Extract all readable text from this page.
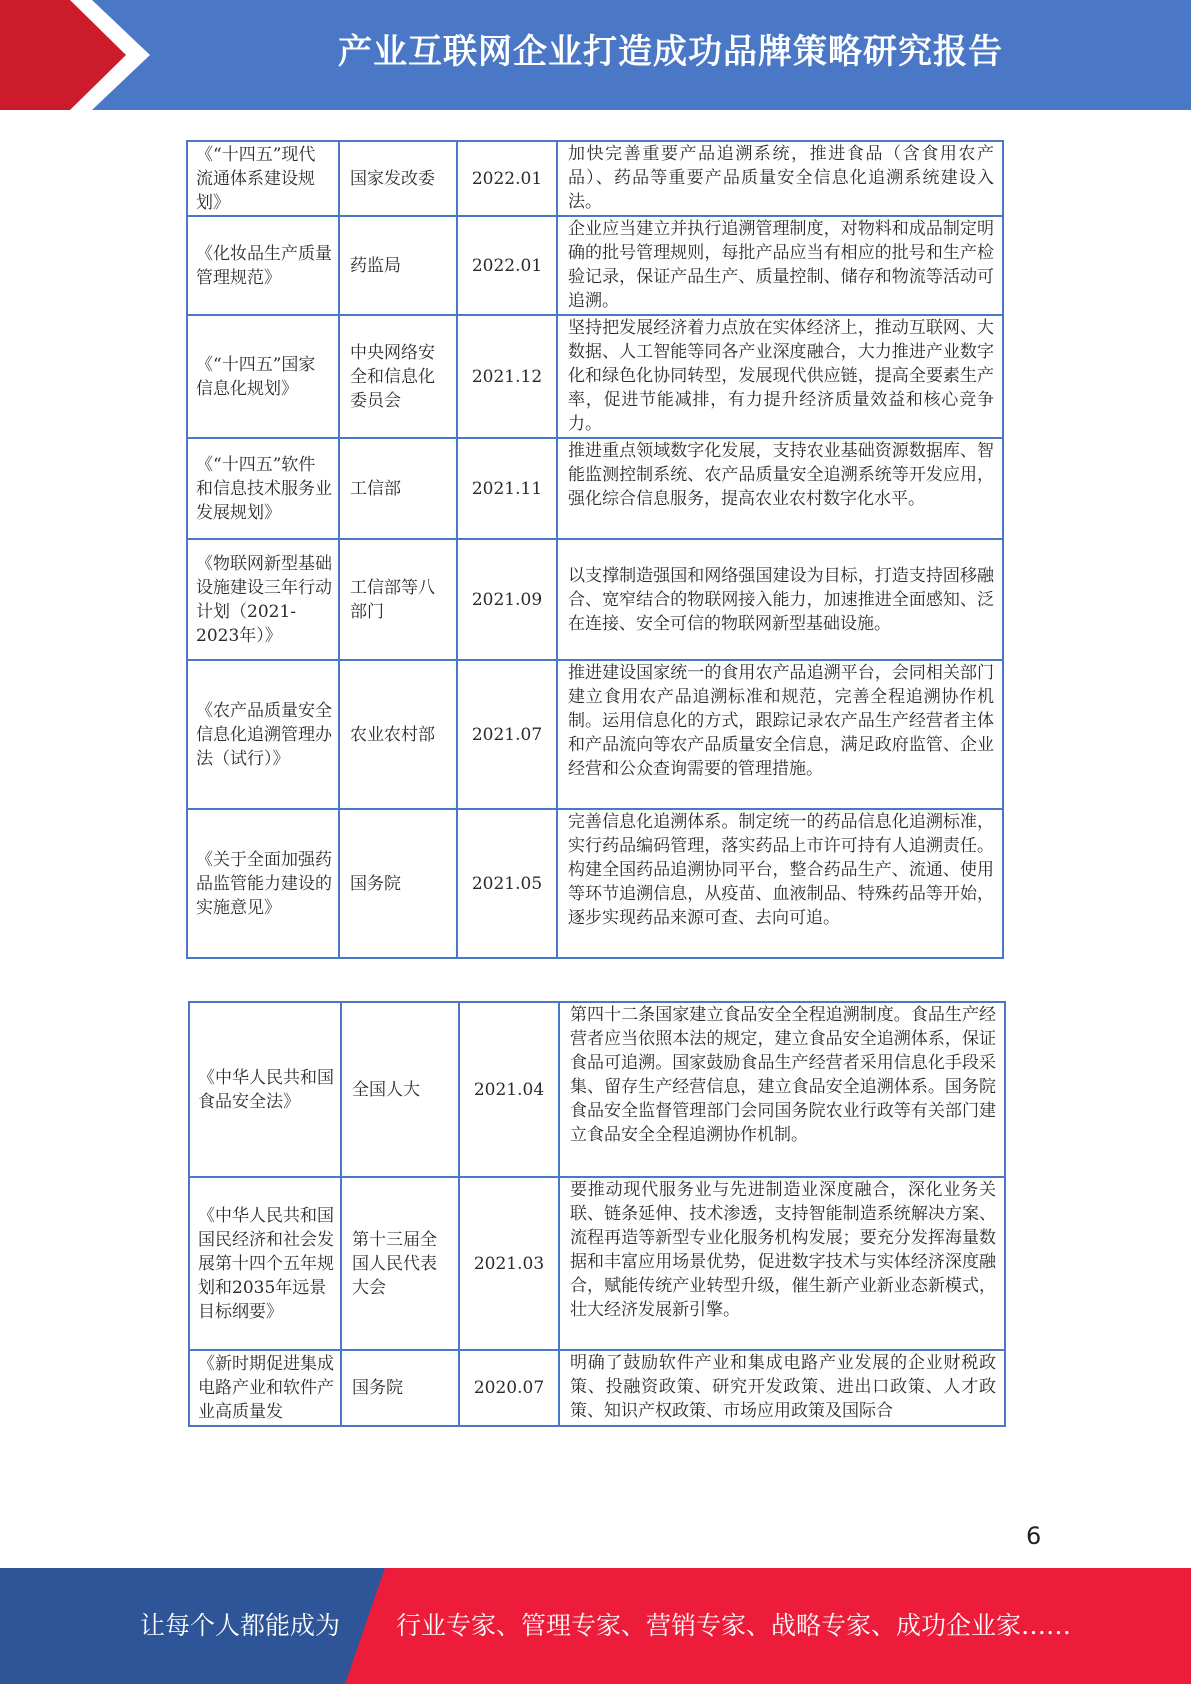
产业互联网企业打造成功品牌策略研究报告
《“十四五”现代流通体系建设规划》	国家发改委	2022.01	加快完善重要产品追溯系统，推进食品（含食用农产品）、药品等重要产品质量安全信息化追溯系统建设入法。
《化妆品生产质量管理规范》	药监局	2022.01	企业应当建立并执行追溯管理制度，对物料和成品制定明确的批号管理规则，每批产品应当有相应的批号和生产检验记录，保证产品生产、质量控制、储存和物流等活动可追溯。
《“十四五”国家信息化规划》	中央网络安全和信息化委员会	2021.12	坚持把发展经济着力点放在实体经济上，推动互联网、大数据、人工智能等同各产业深度融合，大力推进产业数字化和绿色化协同转型，发展现代供应链，提高全要素生产率，促进节能减排，有力提升经济质量效益和核心竞争力。
《“十四五”软件和信息技术服务业发展规划》	工信部	2021.11	推进重点领域数字化发展，支持农业基础资源数据库、智能监测控制系统、农产品质量安全追溯系统等开发应用，强化综合信息服务，提高农业农村数字化水平。
《物联网新型基础设施建设三年行动计划（2021-2023年）》	工信部等八部门	2021.09	以支撑制造强国和网络强国建设为目标，打造支持固移融合、宽窄结合的物联网接入能力，加速推进全面感知、泛在连接、安全可信的物联网新型基础设施。
《农产品质量安全信息化追溯管理办法（试行）》	农业农村部	2021.07	推进建设国家统一的食用农产品追溯平台，会同相关部门建立食用农产品追溯标准和规范，完善全程追溯协作机制。运用信息化的方式，跟踪记录农产品生产经营者主体和产品流向等农产品质量安全信息，满足政府监管、企业经营和公众查询需要的管理措施。
《关于全面加强药品监管能力建设的实施意见》	国务院	2021.05	完善信息化追溯体系。制定统一的药品信息化追溯标准，实行药品编码管理，落实药品上市许可持有人追溯责任。构建全国药品追溯协同平台，整合药品生产、流通、使用等环节追溯信息，从疫苗、血液制品、特殊药品等开始，逐步实现药品来源可查、去向可追。
《中华人民共和国食品安全法》	全国人大	2021.04	第四十二条国家建立食品安全全程追溯制度。食品生产经营者应当依照本法的规定，建立食品安全追溯体系，保证食品可追溯。国家鼓励食品生产经营者采用信息化手段采集、留存生产经营信息，建立食品安全追溯体系。国务院食品安全监督管理部门会同国务院农业行政等有关部门建立食品安全全程追溯协作机制。
《中华人民共和国国民经济和社会发展第十四个五年规划和2035年远景目标纲要》	第十三届全国人民代表大会	2021.03	要推动现代服务业与先进制造业深度融合，深化业务关联、链条延伸、技术渗透，支持智能制造系统解决方案、流程再造等新型专业化服务机构发展；要充分发挥海量数据和丰富应用场景优势，促进数字技术与实体经济深度融合，赋能传统产业转型升级，催生新产业新业态新模式，壮大经济发展新引擎。
《新时期促进集成电路产业和软件产业高质量发	国务院	2020.07	明确了鼓励软件产业和集成电路产业发展的企业财税政策、投融资政策、研究开发政策、进出口政策、人才政策、知识产权政策、市场应用政策及国际合
6
让每个人都能成为 行业专家、管理专家、营销专家、战略专家、成功企业家……
